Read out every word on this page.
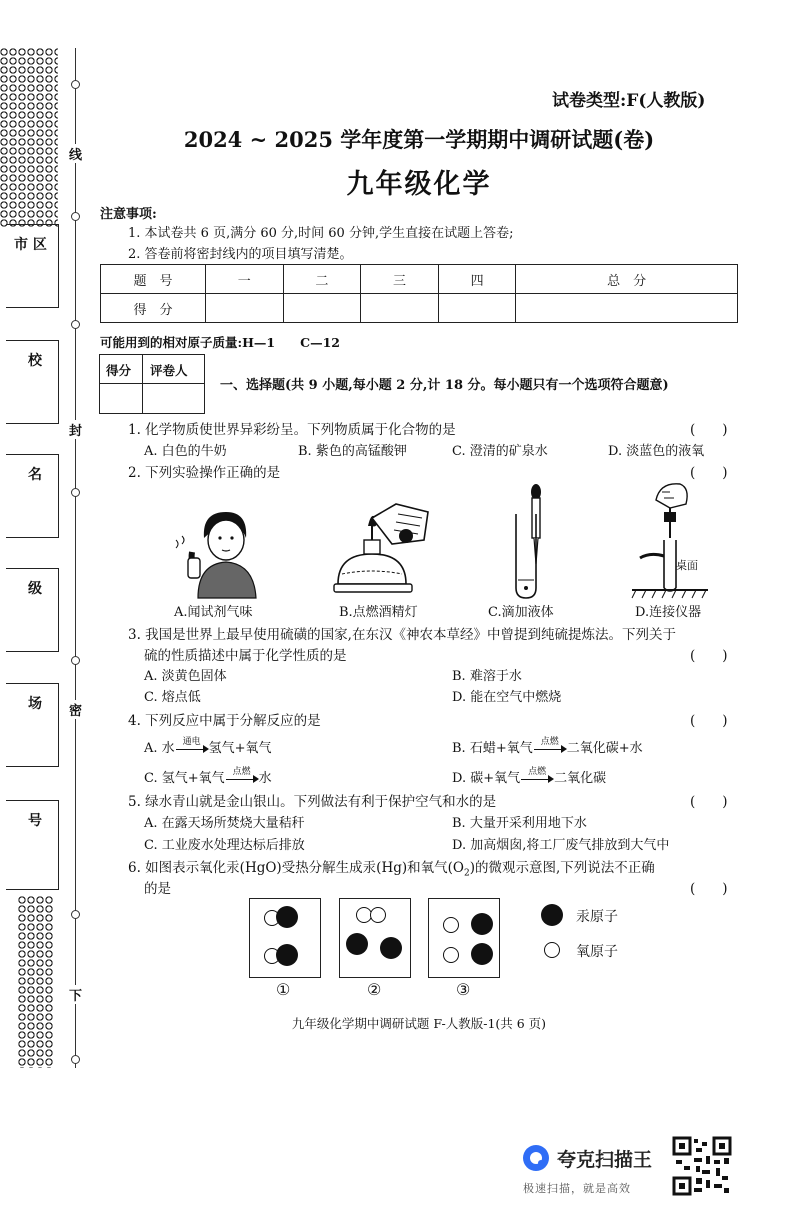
线
封
密
下
市 区
校
名
级
场
号
试卷类型:F(人教版)
2024 ~ 2025 学年度第一学期期中调研试题(卷)
九年级化学
注意事项:
1. 本试卷共 6 页,满分 60 分,时间 60 分钟,学生直接在试题上答卷;
2. 答卷前将密封线内的项目填写清楚。
题　号	一	二	三	四	总　分
得　分					
可能用到的相对原子质量:H—1　　C—12
得分 评卷人
一、选择题(共 9 小题,每小题 2 分,计 18 分。每小题只有一个选项符合题意)
1. 化学物质使世界异彩纷呈。下列物质属于化合物的是	(　　)
A. 白色的牛奶	B. 紫色的高锰酸钾	C. 澄清的矿泉水	D. 淡蓝色的液氧
2. 下列实验操作正确的是	(　　)
桌面
A.闻试剂气味	B.点燃酒精灯	C.滴加液体	D.连接仪器
3. 我国是世界上最早使用硫磺的国家,在东汉《神农本草经》中曾提到纯硫提炼法。下列关于
硫的性质描述中属于化学性质的是	(　　)
A. 淡黄色固体	B. 难溶于水
C. 熔点低	D. 能在空气中燃烧
4. 下列反应中属于分解反应的是	(　　)
A. 水 通电 氢气+氧气	B. 石蜡+氧气 点燃 二氧化碳+水
C. 氢气+氧气 点燃 水	D. 碳+氧气 点燃 二氧化碳
5. 绿水青山就是金山银山。下列做法有利于保护空气和水的是	(　　)
A. 在露天场所焚烧大量秸秆	B. 大量开采利用地下水
C. 工业废水处理达标后排放	D. 加高烟囱,将工厂废气排放到大气中
6. 如图表示氧化汞(HgO)受热分解生成汞(Hg)和氧气$(O_2)$的微观示意图,下列说法不正确
的是	(　　)
①	②	③
汞原子
氧原子
九年级化学期中调研试题 F-人教版-1(共 6 页)
夸克扫描王
极速扫描，就是高效
